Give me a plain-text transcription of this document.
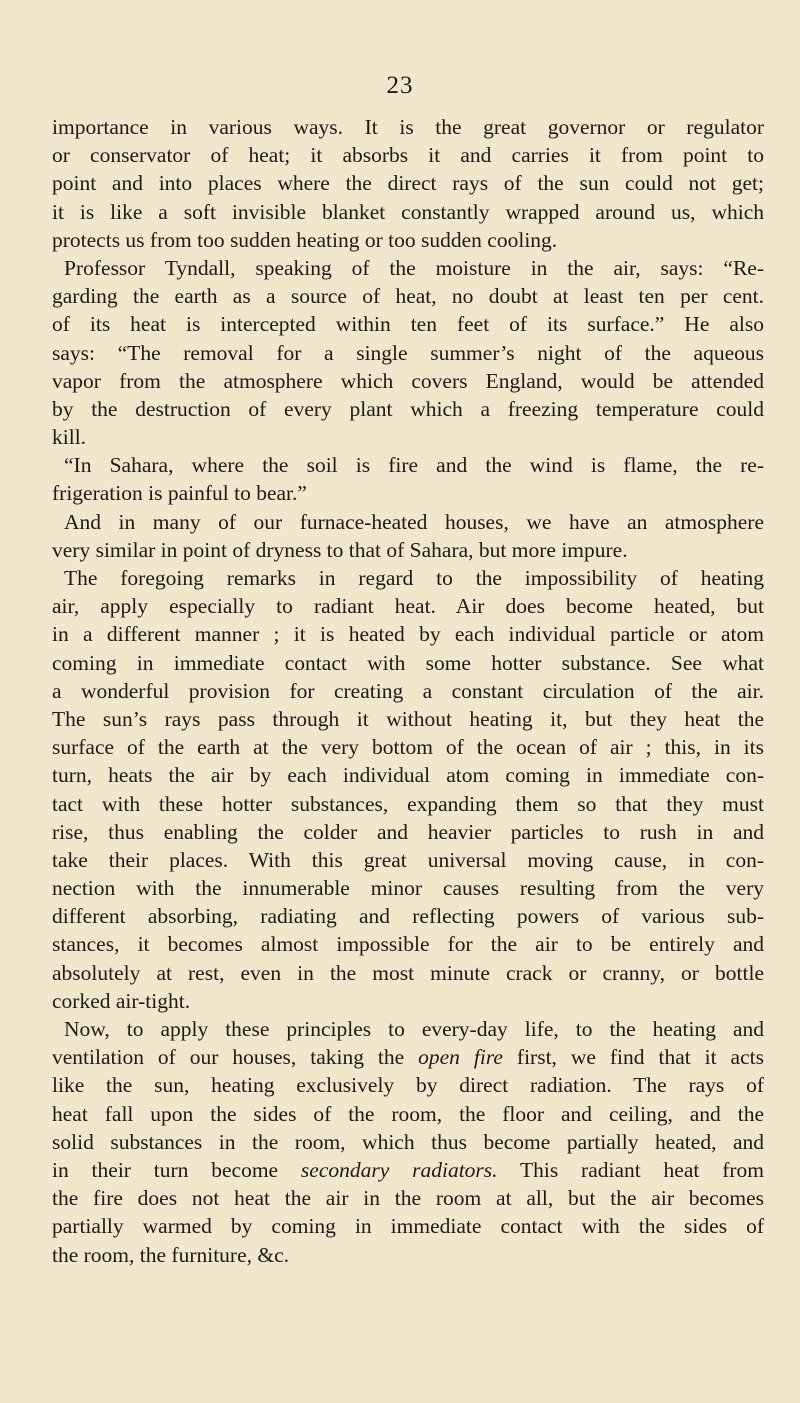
23
importance in various ways. It is the great governor or regulator
or conservator of heat; it absorbs it and carries it from point to
point and into places where the direct rays of the sun could not get;
it is like a soft invisible blanket constantly wrapped around us, which
protects us from too sudden heating or too sudden cooling.
Professor Tyndall, speaking of the moisture in the air, says: “Re-
garding the earth as a source of heat, no doubt at least ten per cent.
of its heat is intercepted within ten feet of its surface.” He also
says: “The removal for a single summer’s night of the aqueous
vapor from the atmosphere which covers England, would be attended
by the destruction of every plant which a freezing temperature could
kill.
“In Sahara, where the soil is fire and the wind is flame, the re-
frigeration is painful to bear.”
And in many of our furnace-heated houses, we have an atmosphere
very similar in point of dryness to that of Sahara, but more impure.
The foregoing remarks in regard to the impossibility of heating
air, apply especially to radiant heat. Air does become heated, but
in a different manner ; it is heated by each individual particle or atom
coming in immediate contact with some hotter substance. See what
a wonderful provision for creating a constant circulation of the air.
The sun’s rays pass through it without heating it, but they heat the
surface of the earth at the very bottom of the ocean of air ; this, in its
turn, heats the air by each individual atom coming in immediate con-
tact with these hotter substances, expanding them so that they must
rise, thus enabling the colder and heavier particles to rush in and
take their places. With this great universal moving cause, in con-
nection with the innumerable minor causes resulting from the very
different absorbing, radiating and reflecting powers of various sub-
stances, it becomes almost impossible for the air to be entirely and
absolutely at rest, even in the most minute crack or cranny, or bottle
corked air-tight.
Now, to apply these principles to every-day life, to the heating and
ventilation of our houses, taking the open fire first, we find that it acts
like the sun, heating exclusively by direct radiation. The rays of
heat fall upon the sides of the room, the floor and ceiling, and the
solid substances in the room, which thus become partially heated, and
in their turn become secondary radiators. This radiant heat from
the fire does not heat the air in the room at all, but the air becomes
partially warmed by coming in immediate contact with the sides of
the room, the furniture, &c.
